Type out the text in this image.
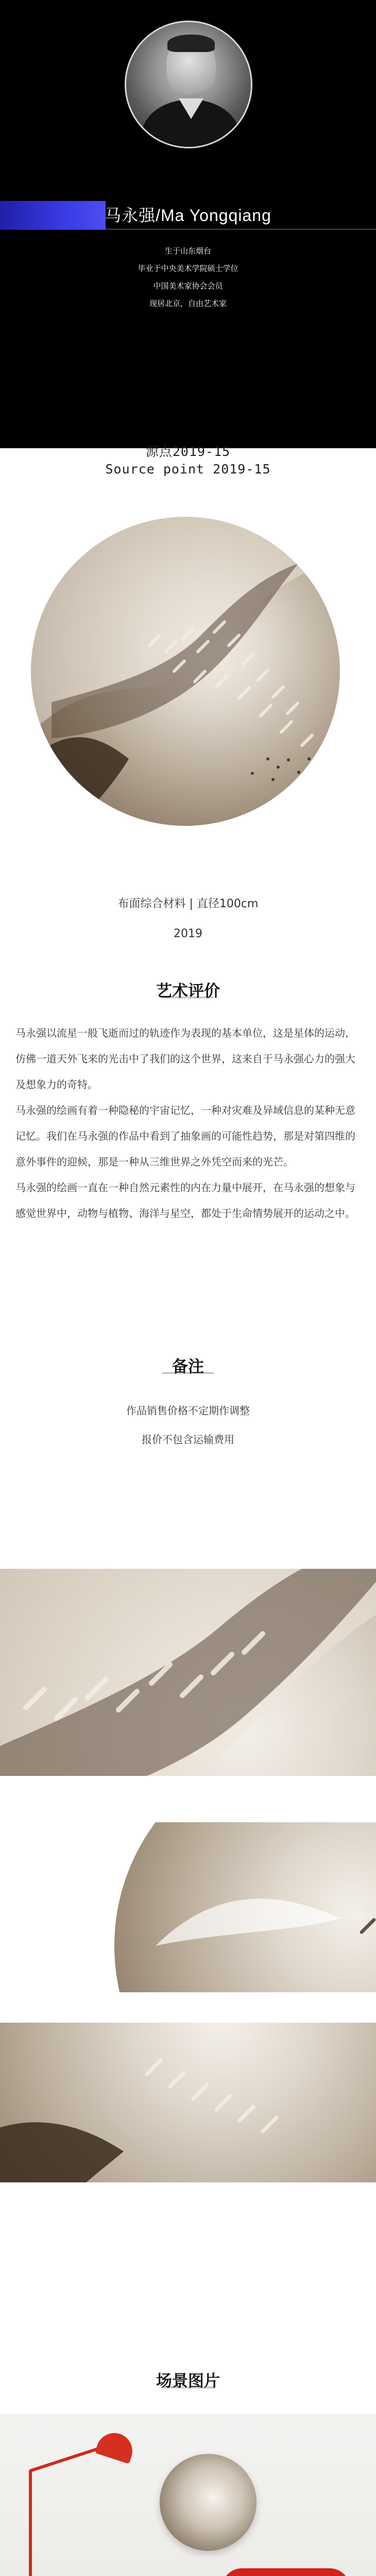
马永强/Ma Yongqiang
生于山东烟台
毕业于中央美术学院硕士学位
中国美术家协会会员
现居北京，自由艺术家
源点2019-15
Source point 2019-15
布面综合材料 | 直径100cm
2019
艺术评价

马永强以流星一般飞逝而过的轨迹作为表现的基本单位，这是星体的运动，仿佛一道天外飞来的光击中了我们的这个世界，这来自于马永强心力的强大及想象力的奇特。

马永强的绘画有着一种隐秘的宇宙记忆，一种对灾难及异域信息的某种无意记忆。我们在马永强的作品中看到了抽象画的可能性趋势，那是对第四维的意外事件的迎候，那是一种从三维世界之外凭空而来的光芒。

马永强的绘画一直在一种自然元素性的内在力量中展开，在马永强的想象与感觉世界中，动物与植物、海洋与星空，都处于生命情势展开的运动之中。

备注
作品销售价格不定期作调整
报价不包含运输费用
场景图片
